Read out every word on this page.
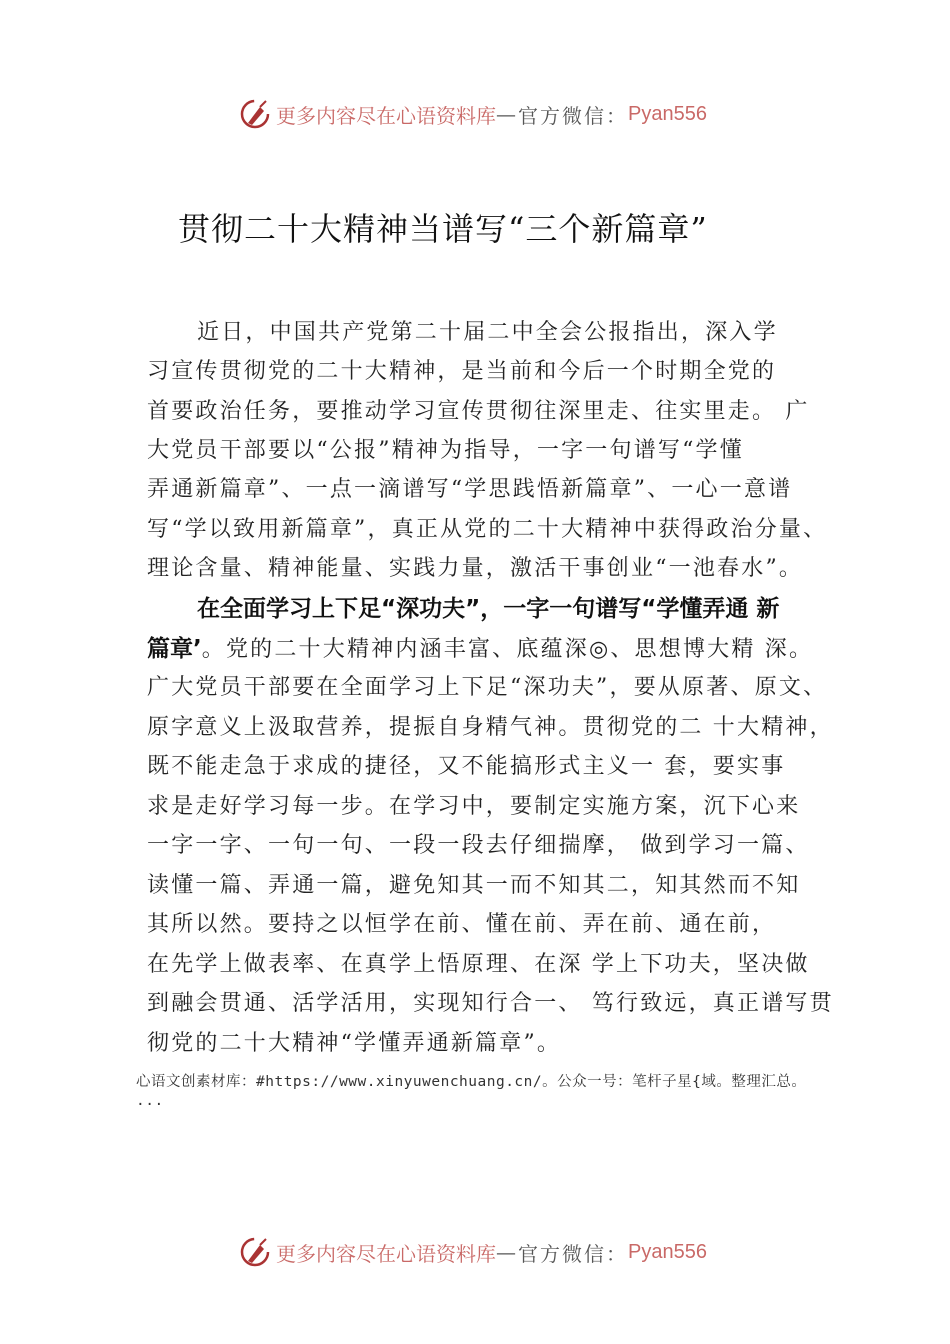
更多内容尽在心语资料库 — 官方微信： Pyan556
贯彻二十大精神当谱写“三个新篇章”
近日，中国共产党第二十届二中全会公报指出，深入学
习宣传贯彻党的二十大精神，是当前和今后一个时期全党的
首要政治任务，要推动学习宣传贯彻往深里走、往实里走。 广
大党员干部要以“公报”精神为指导，一字一句谱写“学懂
弄通新篇章”、一点一滴谱写“学思践悟新篇章”、一心一意谱
写“学以致用新篇章”，真正从党的二十大精神中获得政治分量、
理论含量、精神能量、实践力量，激活干事创业“一池春水”。
在全面学习上下足“深功夫”，一字一句谱写“学懂弄通 新
篇章’。党的二十大精神内涵丰富、底蕴深◎、思想博大精 深。
广大党员干部要在全面学习上下足“深功夫”，要从原著、原文、
原字意义上汲取营养，提振自身精气神。贯彻党的二 十大精神，
既不能走急于求成的捷径，又不能搞形式主义一 套，要实事
求是走好学习每一步。在学习中，要制定实施方案，沉下心来
一字一字、一句一句、一段一段去仔细揣摩， 做到学习一篇、
读懂一篇、弄通一篇，避免知其一而不知其二，知其然而不知
其所以然。要持之以恒学在前、懂在前、弄在前、通在前，
在先学上做表率、在真学上悟原理、在深 学上下功夫，坚决做
到融会贯通、活学活用，实现知行合一、 笃行致远，真正谱写贯
彻党的二十大精神“学懂弄通新篇章”。
心语文创素材库：#https://www.xinyuwenchuang.cn/。公众一号：笔杆子星{域。整理汇总。
...
更多内容尽在心语资料库 — 官方微信： Pyan556
